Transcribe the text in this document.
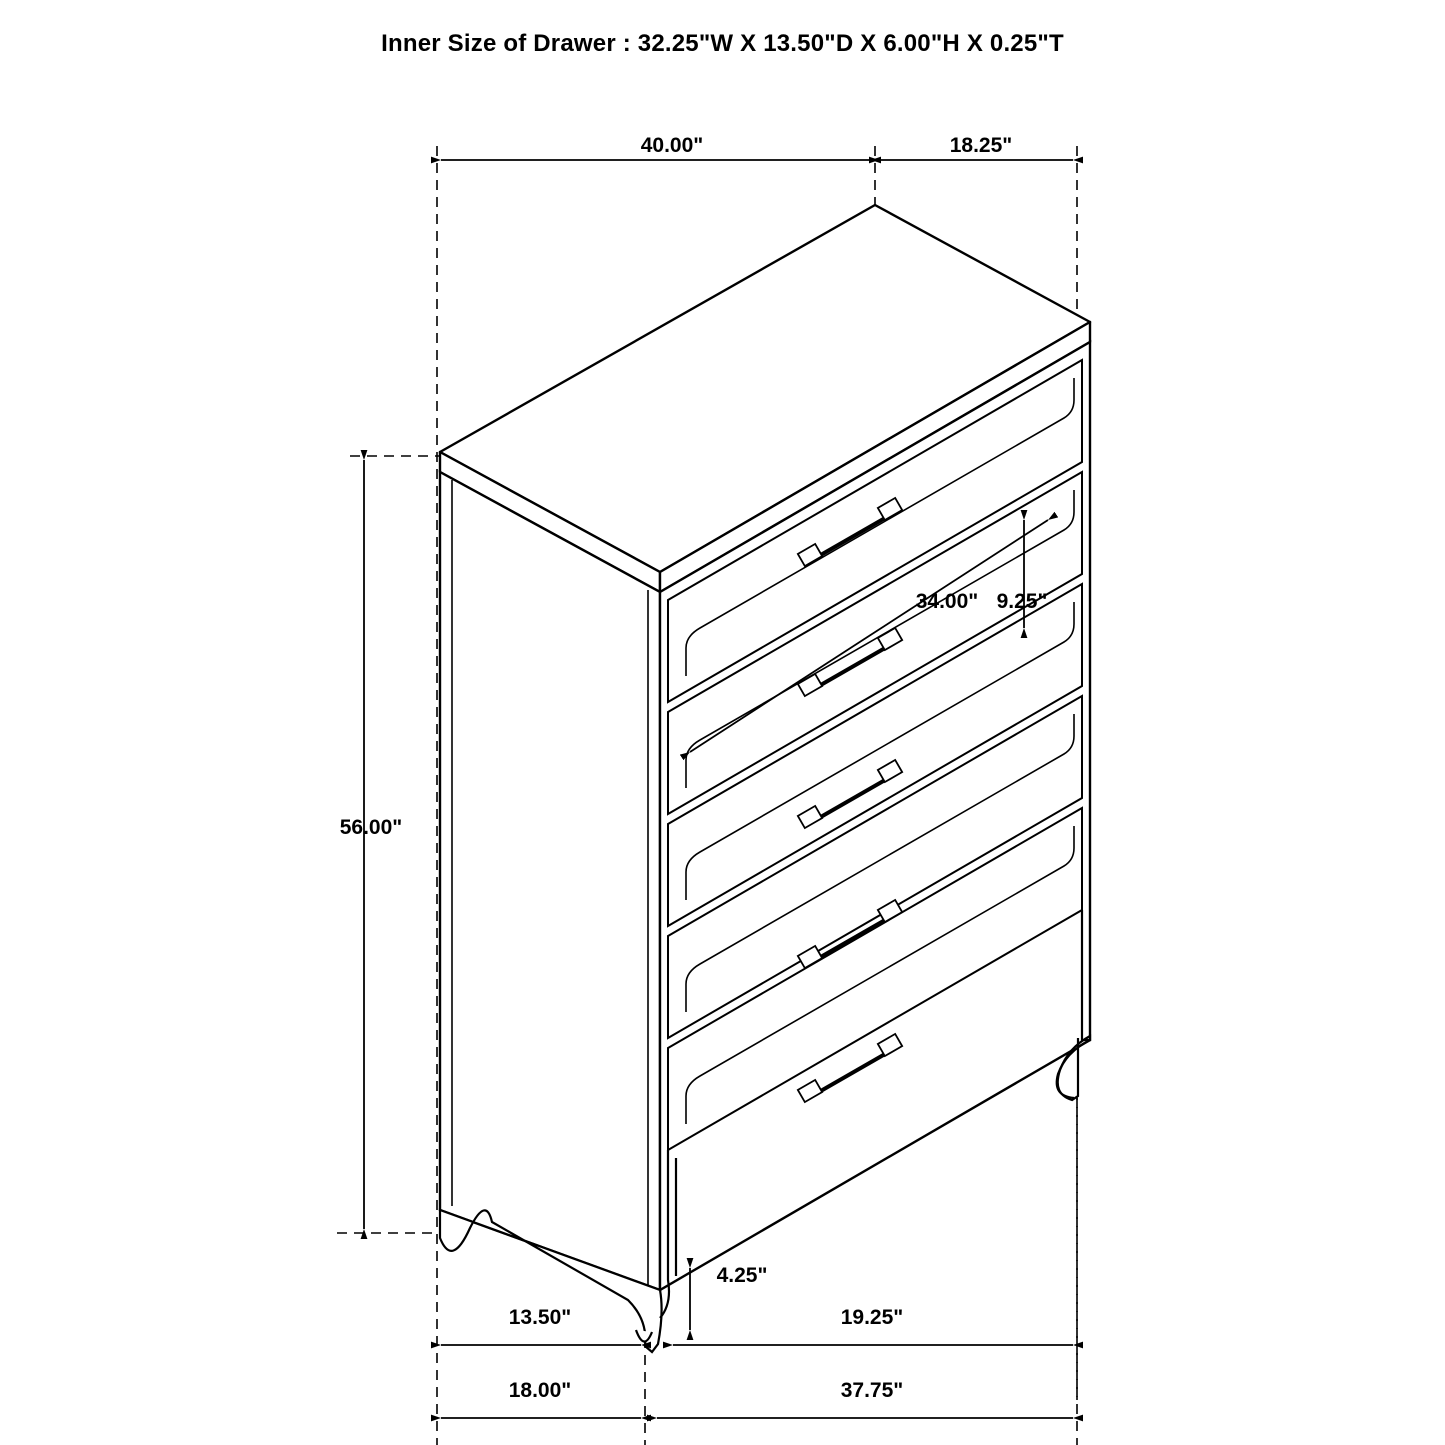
Inner Size of Drawer : 32.25"W X 13.50"D X 6.00"H X 0.25"T
40.00"	18.25"
56.00"
34.00" 9.25"
4.25"
13.50"	19.25"
18.00"	37.75"
